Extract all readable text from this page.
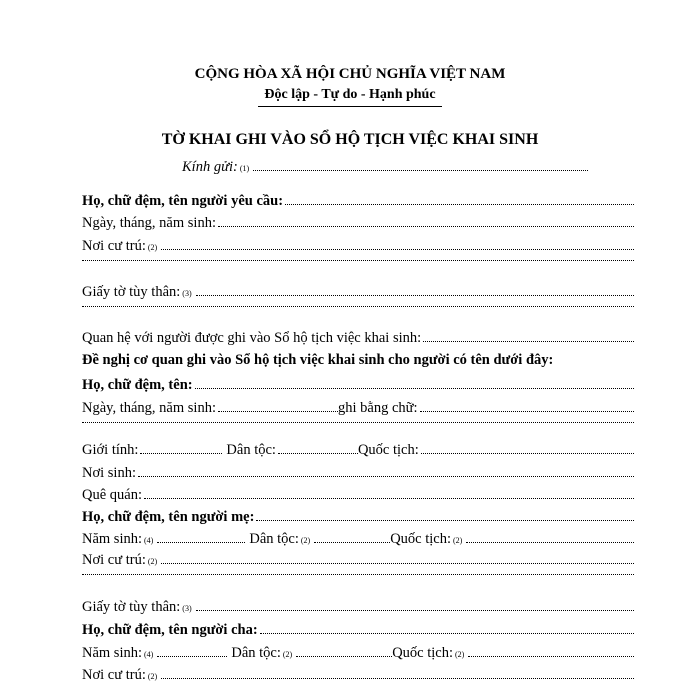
CỘNG HÒA XÃ HỘI CHỦ NGHĨA VIỆT NAM
Độc lập - Tự do - Hạnh phúc
TỜ KHAI GHI VÀO SỔ HỘ TỊCH VIỆC KHAI SINH
Kính gửi: (1)
Họ, chữ đệm, tên người yêu cầu:
Ngày, tháng, năm sinh:
Nơi cư trú: (2)
Giấy tờ tùy thân: (3)
Quan hệ với người được ghi vào Sổ hộ tịch việc khai sinh:
Đề nghị cơ quan ghi vào Sổ hộ tịch việc khai sinh cho người có tên dưới đây:
Họ, chữ đệm, tên:
Ngày, tháng, năm sinh:	ghi bằng chữ:
Giới tính:	Dân tộc:	Quốc tịch:
Nơi sinh:
Quê quán:
Họ, chữ đệm, tên người mẹ:
Năm sinh: (4)	Dân tộc: (2)	Quốc tịch: (2)
Nơi cư trú: (2)
Giấy tờ tùy thân: (3)
Họ, chữ đệm, tên người cha:
Năm sinh: (4)	Dân tộc: (2)	Quốc tịch: (2)
Nơi cư trú: (2)
